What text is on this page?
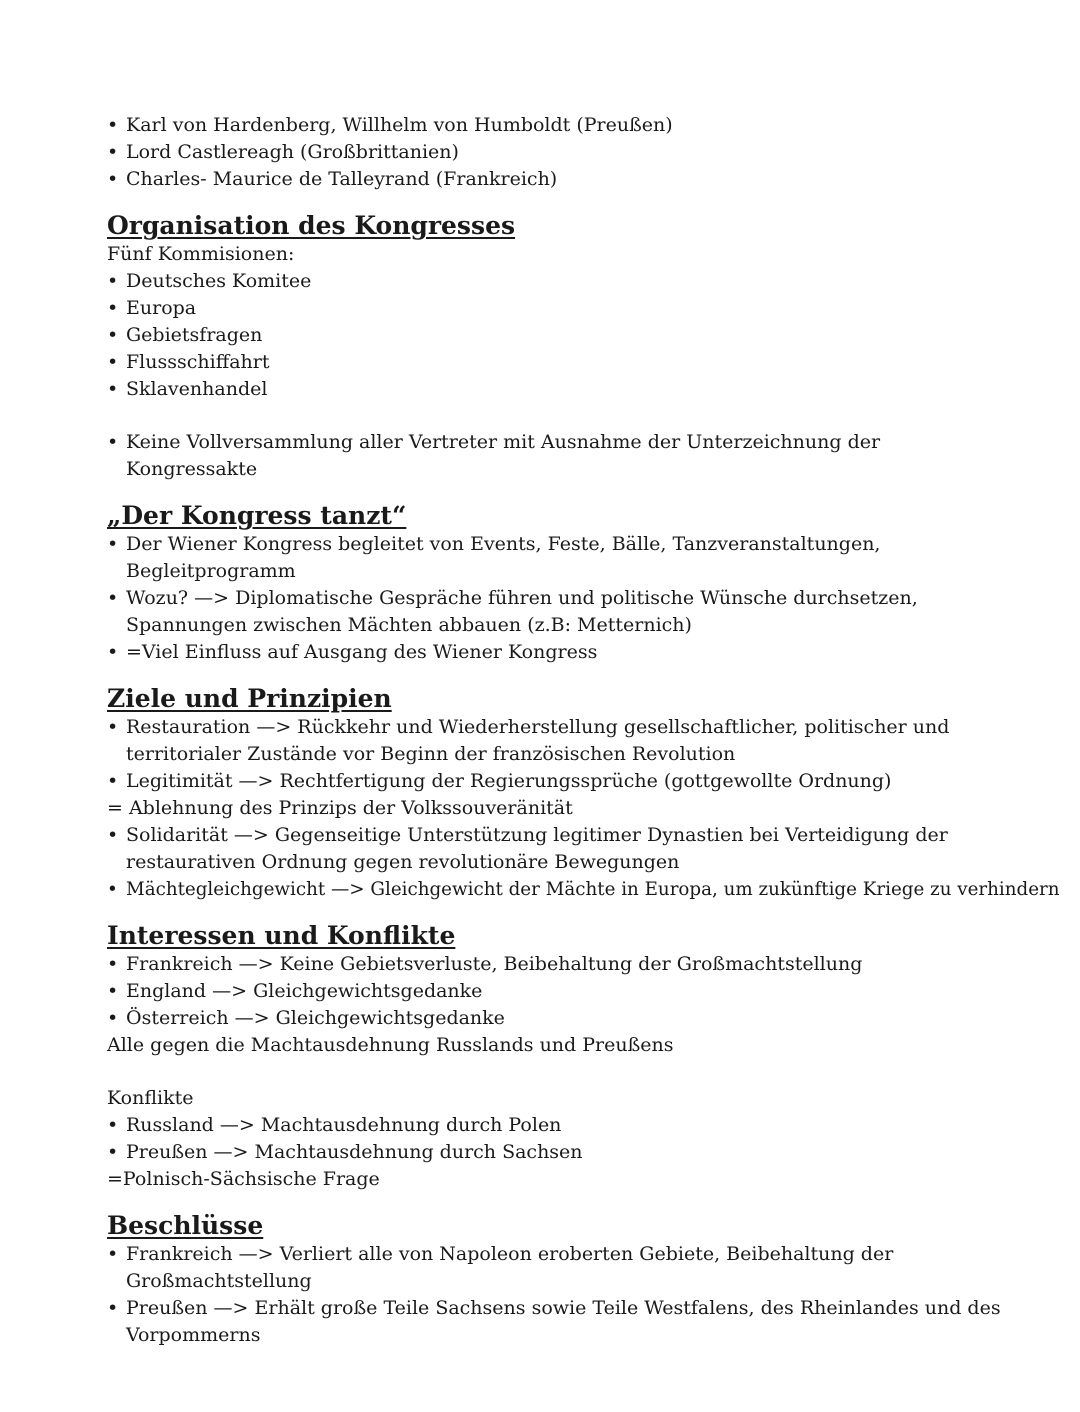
• Karl von Hardenberg, Willhelm von Humboldt (Preußen)
• Lord Castlereagh (Großbrittanien)
• Charles- Maurice de Talleyrand (Frankreich)
Organisation des Kongresses
Fünf Kommisionen:
• Deutsches Komitee
• Europa
• Gebietsfragen
• Flussschiffahrt
• Sklavenhandel
• Keine Vollversammlung aller Vertreter mit Ausnahme der Unterzeichnung der Kongressakte
„Der Kongress tanzt“
• Der Wiener Kongress begleitet von Events, Feste, Bälle, Tanzveranstaltungen, Begleitprogramm
• Wozu? —> Diplomatische Gespräche führen und politische Wünsche durchsetzen, Spannungen zwischen Mächten abbauen (z.B: Metternich)
• =Viel Einfluss auf Ausgang des Wiener Kongress
Ziele und Prinzipien
• Restauration —> Rückkehr und Wiederherstellung gesellschaftlicher, politischer und territorialer Zustände vor Beginn der französischen Revolution
• Legitimität —> Rechtfertigung der Regierungssprüche (gottgewollte Ordnung)
= Ablehnung des Prinzips der Volkssouveränität
• Solidarität —> Gegenseitige Unterstützung legitimer Dynastien bei Verteidigung der restaurativen Ordnung gegen revolutionäre Bewegungen
• Mächtegleichgewicht —> Gleichgewicht der Mächte in Europa, um zukünftige Kriege zu verhindern
Interessen und Konflikte
• Frankreich —> Keine Gebietsverluste, Beibehaltung der Großmachtstellung
• England —> Gleichgewichtsgedanke
• Österreich —> Gleichgewichtsgedanke
Alle gegen die Machtausdehnung Russlands und Preußens
Konflikte
• Russland —> Machtausdehnung durch Polen
• Preußen —> Machtausdehnung durch Sachsen
=Polnisch-Sächsische Frage
Beschlüsse
• Frankreich —> Verliert alle von Napoleon eroberten Gebiete, Beibehaltung der Großmachtstellung
• Preußen —> Erhält große Teile Sachsens sowie Teile Westfalens, des Rheinlandes und des Vorpommerns
